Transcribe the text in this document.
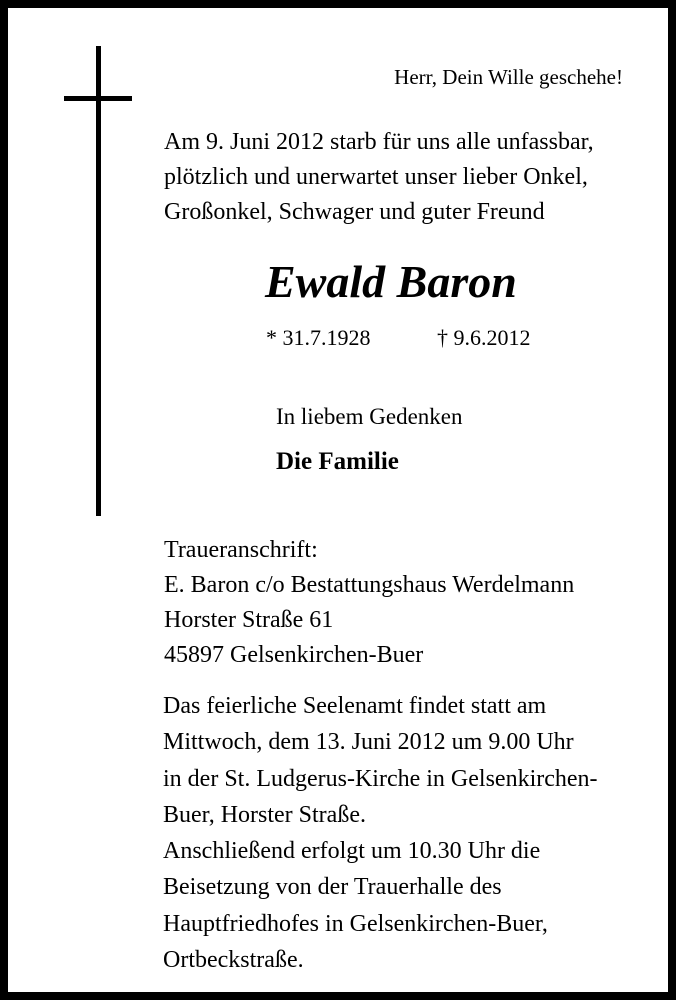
Herr, Dein Wille geschehe!
Am 9. Juni 2012 starb für uns alle unfassbar,
plötzlich und unerwartet unser lieber Onkel,
Großonkel, Schwager und guter Freund
Ewald Baron
* 31.7.1928	† 9.6.2012
In liebem Gedenken
Die Familie
Traueranschrift:
E. Baron c/o Bestattungshaus Werdelmann
Horster Straße 61
45897 Gelsenkirchen-Buer
Das feierliche Seelenamt findet statt am
Mittwoch, dem 13. Juni 2012 um 9.00 Uhr
in der St. Ludgerus-Kirche in Gelsenkirchen-
Buer, Horster Straße.
Anschließend erfolgt um 10.30 Uhr die
Beisetzung von der Trauerhalle des
Hauptfriedhofes in Gelsenkirchen-Buer,
Ortbeckstraße.
